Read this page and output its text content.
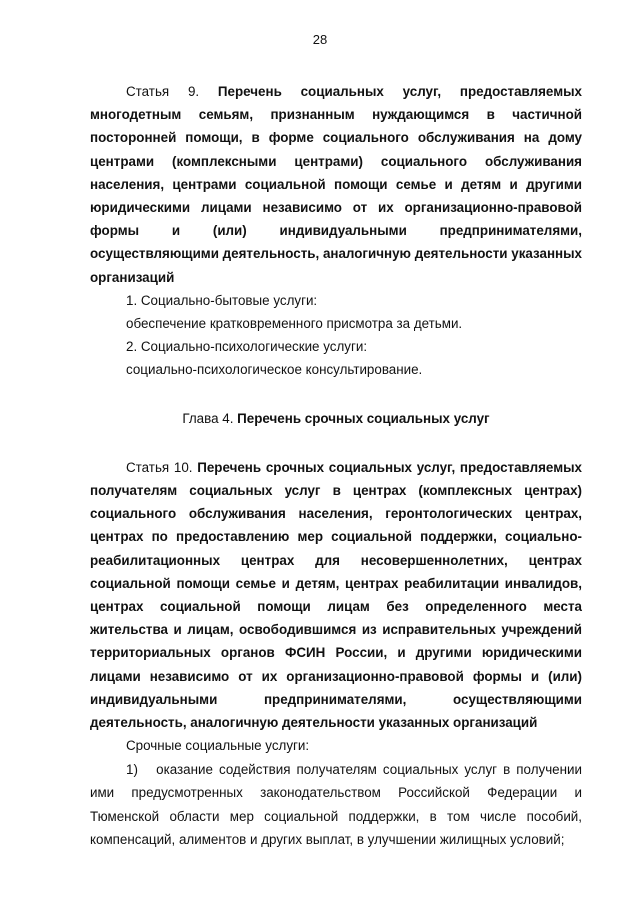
28

Статья 9. Перечень социальных услуг, предоставляемых многодетным семьям, признанным нуждающимся в частичной посторонней помощи, в форме социального обслуживания на дому центрами (комплексными центрами) социального обслуживания населения, центрами социальной помощи семье и детям и другими юридическими лицами независимо от их организационно-правовой формы и (или) индивидуальными предпринимателями, осуществляющими деятельность, аналогичную деятельности указанных организаций

1. Социально-бытовые услуги:

обеспечение кратковременного присмотра за детьми.

2. Социально-психологические услуги:

социально-психологическое консультирование.

Глава 4. Перечень срочных социальных услуг

Статья 10. Перечень срочных социальных услуг, предоставляемых получателям социальных услуг в центрах (комплексных центрах) социального обслуживания населения, геронтологических центрах, центрах по предоставлению мер социальной поддержки, социально-реабилитационных центрах для несовершеннолетних, центрах социальной помощи семье и детям, центрах реабилитации инвалидов, центрах социальной помощи лицам без определенного места жительства и лицам, освободившимся из исправительных учреждений территориальных органов ФСИН России, и другими юридическими лицами независимо от их организационно-правовой формы и (или) индивидуальными предпринимателями, осуществляющими деятельность, аналогичную деятельности указанных организаций

Срочные социальные услуги:

1)   оказание содействия получателям социальных услуг в получении ими предусмотренных законодательством Российской Федерации и Тюменской области мер социальной поддержки, в том числе пособий, компенсаций, алиментов и других выплат, в улучшении жилищных условий;
